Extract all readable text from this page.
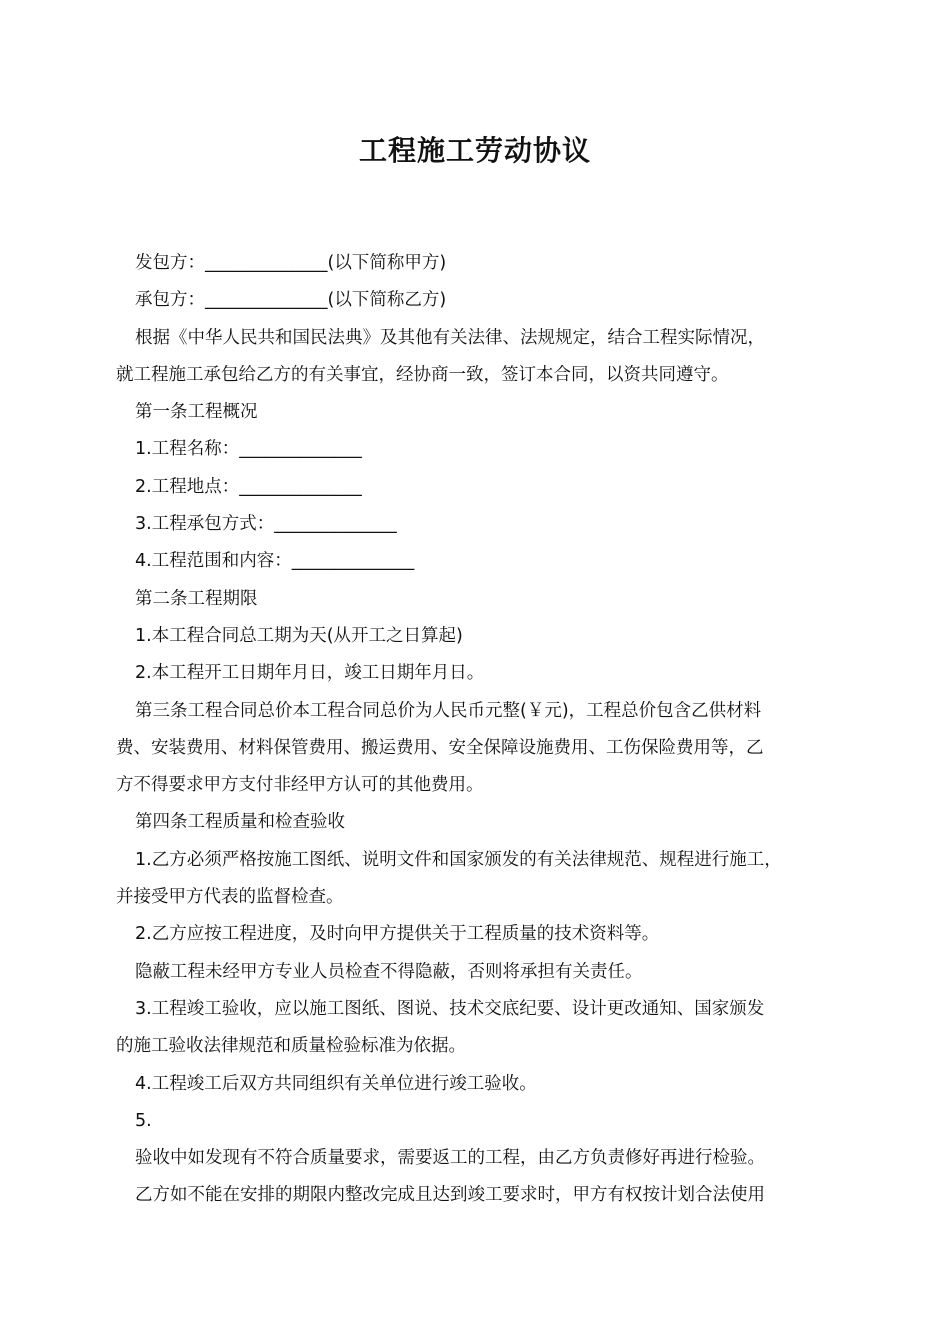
工程施工劳动协议

发包方：______________(以下简称甲方)

承包方：______________(以下简称乙方)

根据《中华人民共和国民法典》及其他有关法律、法规规定，结合工程实际情况，

就工程施工承包给乙方的有关事宜，经协商一致，签订本合同，以资共同遵守。

第一条工程概况

1.工程名称：______________

2.工程地点：______________

3.工程承包方式：______________

4.工程范围和内容：______________

第二条工程期限

1.本工程合同总工期为天(从开工之日算起)

2.本工程开工日期年月日，竣工日期年月日。

第三条工程合同总价本工程合同总价为人民币元整(￥元)，工程总价包含乙供材料

费、安装费用、材料保管费用、搬运费用、安全保障设施费用、工伤保险费用等，乙

方不得要求甲方支付非经甲方认可的其他费用。

第四条工程质量和检查验收

1.乙方必须严格按施工图纸、说明文件和国家颁发的有关法律规范、规程进行施工，

并接受甲方代表的监督检查。

2.乙方应按工程进度，及时向甲方提供关于工程质量的技术资料等。

隐蔽工程未经甲方专业人员检查不得隐蔽，否则将承担有关责任。

3.工程竣工验收，应以施工图纸、图说、技术交底纪要、设计更改通知、国家颁发

的施工验收法律规范和质量检验标准为依据。

4.工程竣工后双方共同组织有关单位进行竣工验收。

5.

验收中如发现有不符合质量要求，需要返工的工程，由乙方负责修好再进行检验。

乙方如不能在安排的期限内整改完成且达到竣工要求时，甲方有权按计划合法使用
